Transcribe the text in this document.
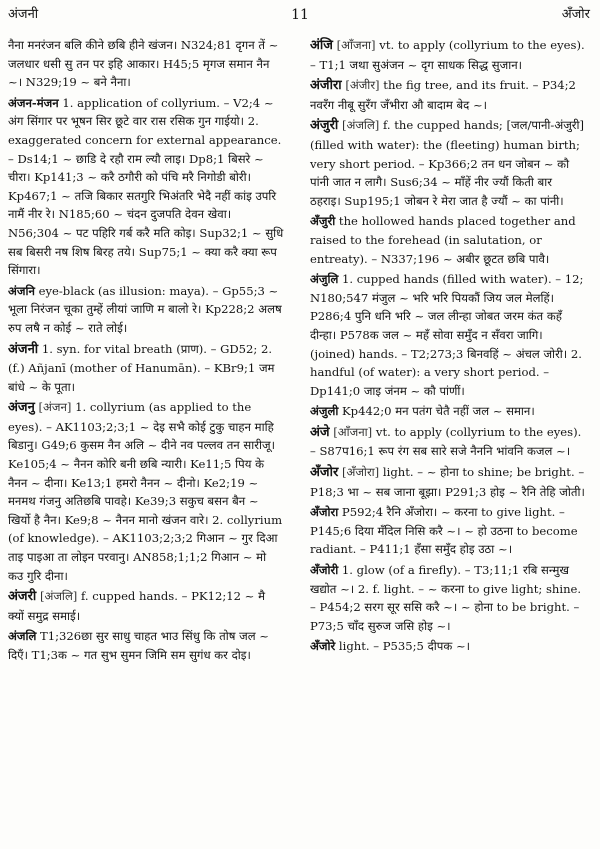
अंजनी	11	अँजोर

नैना मनरंजन बलि कीने छबि हीने खंजन। N324;81 दृगन तें ~ जलधार धसी सु तन पर इहि आकार। H45;5 मृगज समान नैन ~। N329;19 ~ बने नैना।

अंजन-मंजन 1. application of collyrium. – V2;4 ~ अंग सिंगार पर भूषन सिर छूटे वार रास रसिक गुन गाईयो। 2. exaggerated concern for external appearance. – Ds14;1 ~ छाडि दे रहौ राम ल्यौ लाइ। Dp8;1 बिसरे ~ चीरा। Kp141;3 ~ करै ठगौरी को पंचि मरै निगोडी बोरी। Kp467;1 ~ तजि बिकार सतगुरि भिअंतरि भेदै नहीं कांइ उपरि नामैं नीर रे। N185;60 ~ चंदन दुजपति देवन खेवा। N56;304 ~ पट पहिरि गर्ब करै मति कोइ। Sup32;1 ~ सुधि सब बिसरी नष शिष बिरह तये। Sup75;1 ~ क्या करै क्या रूप सिंगारा।

अंजनि eye-black (as illusion: maya). – Gp55;3 ~ भूला निरंजन चूका तुम्हें लीयां जाणि म बालो रे। Kp228;2 अलष रुप लषै न कोई ~ राते लोई।

अंजनी 1. syn. for vital breath (प्राण). – GD52; 2. (f.) Añjanī (mother of Hanumān). – KBr9;1 जम बांधे ~ के पूता।

अंजनु [अंजन] 1. collyrium (as applied to the eyes). – AK1103;2;3;1 ~ देइ सभै कोई टुकु चाहन माहि बिडानु। G49;6 कुसम नैन अलि ~ दीने नव पल्लव तन सारीजू। Ke105;4 ~ नैनन कोरि बनी छबि न्यारी। Ke11;5 पिय के नैनन ~ दीना। Ke13;1 हमरो नैनन ~ दीनो। Ke2;19 ~ मनमथ गंजनु अतिछबि पावहे। Ke39;3 सकुच बसन बैन ~ खिर्यो है नैन। Ke9;8 ~ नैनन मानो खंजन वारे। 2. collyrium (of knowledge). – AK1103;2;3;2 गिआन ~ गुर दिआ ताइ पाइआ ता लोइन परवानु। AN858;1;1;2 गिआन ~ मो कउ गुरि दीना।

अंजरी [अंजलि] f. cupped hands. – PK12;12 ~ मै क्यों समुद्र समाई।

अंजलि T1;326छा सुर साधु चाहत भाउ सिंधु कि तोष जल ~ दिएँ। T1;3क ~ गत सुभ सुमन जिमि सम सुगंध कर दोइ।

अंजि [आँजना] vt. to apply (collyrium to the eyes). – T1;1 जथा सुअंजन ~ दृग साधक सिद्ध सुजान।

अंजीरा [अंजीर] the fig tree, and its fruit. – P34;2 नवरँग नीबू सुरँग जँभीरा औ बादाम बेद ~।

अंजुरी [अंजलि] f. the cupped hands; [जल/पानी-अंजुरी] (filled with water): the (fleeting) human birth; very short period. – Kp366;2 तन धन जोबन ~ कौ पांनी जात न लागै। Sus6;34 ~ माँहें नीर ज्यौं किती बार ठहराइ। Sup195;1 जोबन रे मेरा जात है ज्यौं ~ का पांनी।

अँजुरी the hollowed hands placed together and raised to the forehead (in salutation, or entreaty). – N337;196 ~ अबीर छूटत छबि पावै।

अंजुलि 1. cupped hands (filled with water). – 12; N180;547 मंजुल ~ भरि भरि पियकौं जिय जल मेलहिं। P286;4 पुनि धनि भरि ~ जल लीन्हा जोबत जरम कंत कहँ दीन्हा। P578क जल ~ महँ सोवा समुँद न सँवरा जागि। (joined) hands. – T2;273;3 बिनवहिं ~ अंचल जोरी। 2. handful (of water): a very short period. – Dp141;0 जाइ जंनम ~ कौ पांणीं।

अंजुली Kp442;0 मन पतंग चेतै नहीं जल ~ समान।

अंजे [आँजना] vt. to apply (collyrium to the eyes). – S87प16;1 रूप रंग सब सारे सजे नैननि भांवनि कजल ~।

अँजोर [अँजोरा] light. – ~ होना to shine; be bright. – P18;3 भा ~ सब जाना बूझा। P291;3 होइ ~ रैनि तेहि जोती।

अँजोरा P592;4 रैनि अँजोरा। ~ करना to give light. – P145;6 दिया मँदिल निसि करै ~। ~ हो उठना to become radiant. – P411;1 हँसा समुँद होइ उठा ~।

अँजोरी 1. glow (of a firefly). – T3;11;1 रबि सन्मुख खद्योत ~। 2. f. light. – ~ करना to give light; shine. – P454;2 सरग सूर ससि करै ~। ~ होना to be bright. – P73;5 चाँद सुरुज जसि होइ ~।

अँजोरे light. – P535;5 दीपक ~।
